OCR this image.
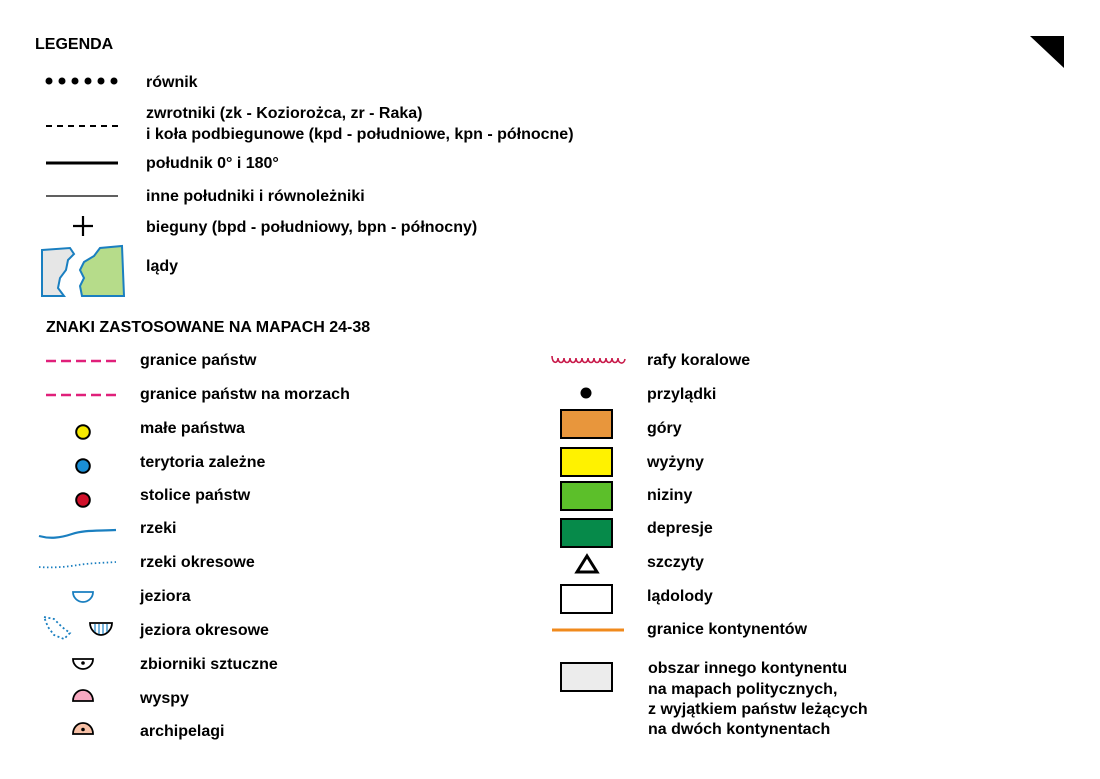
LEGENDA
równik
zwrotniki (zk - Koziorożca, zr - Raka)
i koła podbiegunowe (kpd - południowe, kpn - północne)
południk 0° i 180°
inne południki i równoleżniki
bieguny (bpd - południowy, bpn - północny)
lądy
ZNAKI ZASTOSOWANE NA MAPACH 24-38
granice państw
granice państw na morzach
małe państwa
terytoria zależne
stolice państw
rzeki
rzeki okresowe
jeziora
jeziora okresowe
zbiorniki sztuczne
wyspy
archipelagi
rafy koralowe
przylądki
góry
wyżyny
niziny
depresje
szczyty
lądolody
granice kontynentów
obszar innego kontynentu
na mapach politycznych,
z wyjątkiem państw leżących
na dwóch kontynentach
